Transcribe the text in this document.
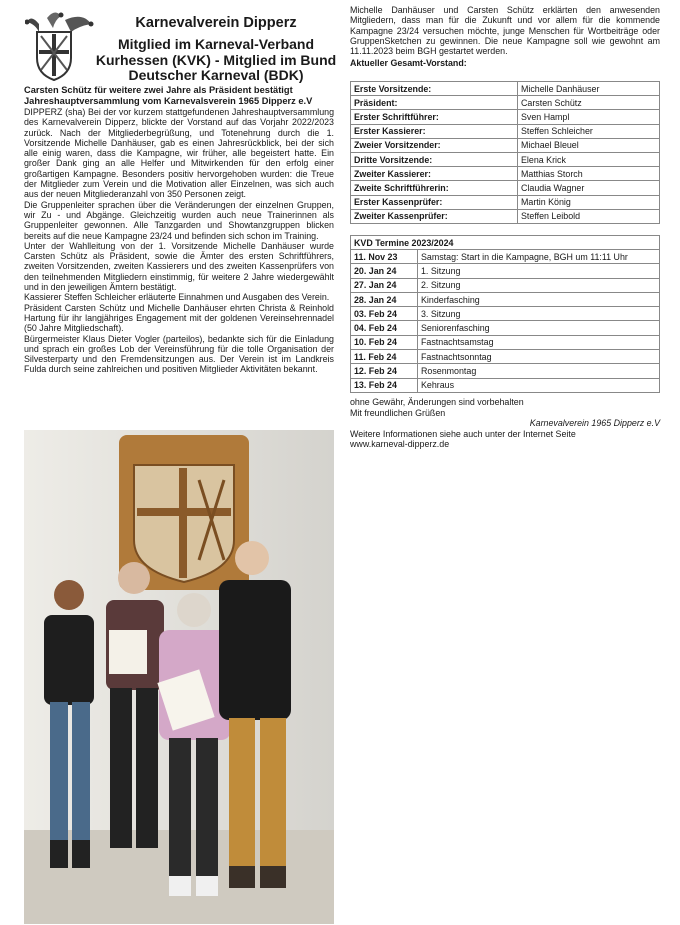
Karnevalverein Dipperz
Mitglied im Karneval-Verband Kurhessen (KVK) - Mitglied im Bund Deutscher Karneval (BDK)
Carsten Schütz für weitere zwei Jahre als Präsident bestätigt
Jahreshauptversammlung vom Karnevalsverein 1965 Dipperz e.V

DIPPERZ (sha) Bei der vor kurzem stattgefundenen Jahreshauptversammlung des Karnevalverein Dipperz, blickte der Vorstand auf das Vorjahr 2022/2023 zurück. Nach der Mitgliederbegrüßung, und Totenehrung durch die 1. Vorsitzende Michelle Danhäuser, gab es einen Jahresrückblick, bei der sich alle einig waren, dass die Kampagne, wir früher, alle begeistert hatte. Ein großer Dank ging an alle Helfer und Mitwirkenden für den erfolg einer großartigen Kampagne. Besonders positiv hervorgehoben wurden: die Treue der Mitglieder zum Verein und die Motivation aller Einzelnen, was sich auch aus der neuen Mitgliederanzahl von 350 Personen zeigt.

Die Gruppenleiter sprachen über die Veränderungen der einzelnen Gruppen, wir Zu - und Abgänge. Gleichzeitig wurden auch neue Trainerinnen als Gruppenleiter gewonnen. Alle Tanzgarden und Showtanzgruppen blicken bereits auf die neue Kampagne 23/24 und befinden sich schon im Training.

Unter der Wahlleitung von der 1. Vorsitzende Michelle Danhäuser wurde Carsten Schütz als Präsident, sowie die Ämter des ersten Schriftführers, zweiten Vorsitzenden, zweiten Kassierers und des zweiten Kassenprüfers von den teilnehmenden Mitgliedern einstimmig, für weitere 2 Jahre wiedergewählt und in den jeweiligen Ämtern bestätigt.

Kassierer Steffen Schleicher erläuterte Einnahmen und Ausgaben des Verein.

Präsident Carsten Schütz und Michelle Danhäuser ehrten Christa & Reinhold Hartung für ihr langjähriges Engagement mit der goldenen Vereinsehrennadel (50 Jahre Mitgliedschaft).

Bürgermeister Klaus Dieter Vogler (parteilos), bedankte sich für die Einladung und sprach ein großes Lob der Vereinsführung für die tolle Organisation der Silvesterparty und den Fremdensitzungen aus. Der Verein ist im Landkreis Fulda durch seine zahlreichen und positiven Mitglieder Aktivitäten bekannt.

Michelle Danhäuser und Carsten Schütz erklärten den anwesenden Mitgliedern, dass man für die Zukunft und vor allem für die kommende Kampagne 23/24 versuchen möchte, junge Menschen für Wortbeiträge oder GruppenSketchen zu gewinnen. Die neue Kampagne soll wie gewohnt am 11.11.2023 beim BGH gestartet werden.

Aktueller Gesamt-Vorstand:
Erste Vorsitzende:	Michelle Danhäuser
Präsident:	Carsten Schütz
Erster Schriftführer:	Sven Hampl
Erster Kassierer:	Steffen Schleicher
Zweier Vorsitzender:	Michael Bleuel
Dritte Vorsitzende:	Elena Krick
Zweiter Kassierer:	Matthias Storch
Zweite Schriftführerin:	Claudia Wagner
Erster Kassenprüfer:	Martin König
Zweiter Kassenprüfer:	Steffen Leibold
KVD Termine 2023/2024	
11. Nov 23	Samstag: Start in die Kampagne, BGH um 11:11 Uhr
20. Jan 24	1. Sitzung
27. Jan 24	2. Sitzung
28. Jan 24	Kinderfasching
03. Feb 24	3. Sitzung
04. Feb 24	Seniorenfasching
10. Feb 24	Fastnachtsamstag
11. Feb 24	Fastnachtsonntag
12. Feb 24	Rosenmontag
13. Feb 24	Kehraus
ohne Gewähr, Änderungen sind vorbehalten
Mit freundlichen Grüßen
Karnevalverein 1965 Dipperz e.V
Weitere Informationen siehe auch unter der Internet Seite
www.karneval-dipperz.de
